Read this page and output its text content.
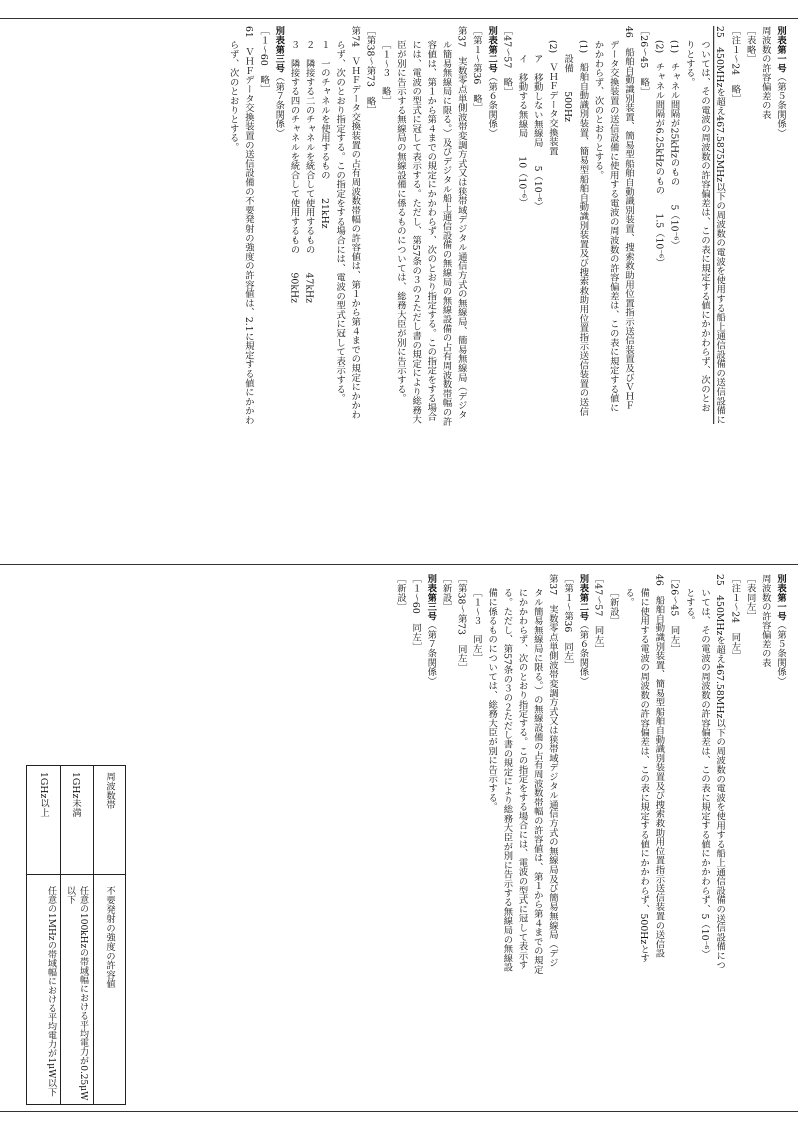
別表第一号（第５条関係）

周波数の許容偏差の表

［表略］

［注１～24　略］

25　450MHzを超え467.5875MHz以下の周波数の電波を使用する船上通信設備の送信設備に

ついては、その電波の周波数の許容偏差は、この表に規定する値にかかわらず、次のとお

りとする。

(1)　チャネル間隔が25kHzのもの　　5（10⁻⁶）

(2)　チャネル間隔が6.25kHzのもの　　1.5（10⁻⁶）

［26～45　略］

46　船舶自動識別装置、簡易型船舶自動識別装置、捜索救助用位置指示送信装置及びＶＨＦ

データ交換装置の送信設備に使用する電波の周波数の許容偏差は、この表に規定する値に

かかわらず、次のとおりとする。

(1)　船舶自動識別装置、簡易型船舶自動識別装置及び捜索救助用位置指示送信装置の送信

設備　　500Hz

(2)　ＶＨＦデータ交換装置

ア　移動しない無線局　　5（10⁻⁶）

イ　移動する無線局　　10（10⁻⁶）

［47～57　略］

別表第二号（第６条関係）

［第１～第36　略］

第37　実数零点単側波帯変調方式又は狭帯域デジタル通信方式の無線局、簡易無線局（デジタ

ル簡易無線局に限る。）及びデジタル船上通信設備の無線局の無線設備の占有周波数帯幅の許

容値は、第１から第４までの規定にかかわらず、次のとおり指定する。この指定をする場合

には、電波の型式に冠して表示する。ただし、第57条の３の２ただし書の規定により総務大

臣が別に告示する無線局の無線設備に係るものについては、総務大臣が別に告示する。

［１～３　略］

［第38～第73　略］

第74　ＶＨＦデータ交換装置の占有周波数帯幅の許容値は、第１から第４までの規定にかかわ

らず、次のとおり指定する。この指定をする場合には、電波の型式に冠して表示する。

１　一のチャネルを使用するもの　　21kHz

２　隣接する二のチャネルを統合して使用するもの　　47kHz

３　隣接する四のチャネルを統合して使用するもの　　90kHz

別表第三号（第７条関係）

［１～60　略］

61　ＶＨＦデータ交換装置の送信設備の不要発射の強度の許容値は、2.1に規定する値にかかわ

らず、次のとおりとする。

周波数帯
不要発射の強度の許容値
1GHz未満
任意の100kHzの帯域幅における平均電力が0.25μW以下
1GHz以上
任意の1MHzの帯域幅における平均電力が1μW以下

別表第一号（第５条関係）

周波数の許容偏差の表

［表同左］

［注１～24　同左］

25　450MHzを超え467.58MHz以下の周波数の電波を使用する船上通信設備の送信設備につ

いては、その電波の周波数の許容偏差は、この表に規定する値にかかわらず、5（10⁻⁶）

とする。

［26～45　同左］

46　船舶自動識別装置、簡易型船舶自動識別装置及び捜索救助用位置指示送信装置の送信設

備に使用する電波の周波数の許容偏差は、この表に規定する値にかかわらず、500Hzとす

る。

［新設］

［47～57　同左］

別表第二号（第６条関係）

［第１～第36　同左］

第37　実数零点単側波帯変調方式又は狭帯域デジタル通信方式の無線局及び簡易無線局（デジ

タル簡易無線局に限る。）の無線設備の占有周波数帯幅の許容値は、第１から第４までの規定

にかかわらず、次のとおり指定する。この指定をする場合には、電波の型式に冠して表示す

る。ただし、第57条の３の２ただし書の規定により総務大臣が別に告示する無線局の無線設

備に係るものについては、総務大臣が別に告示する。

［１～３　同左］

［第38～第73　同左］

［新設］

別表第三号（第７条関係）

［１～60　同左］

［新設］
